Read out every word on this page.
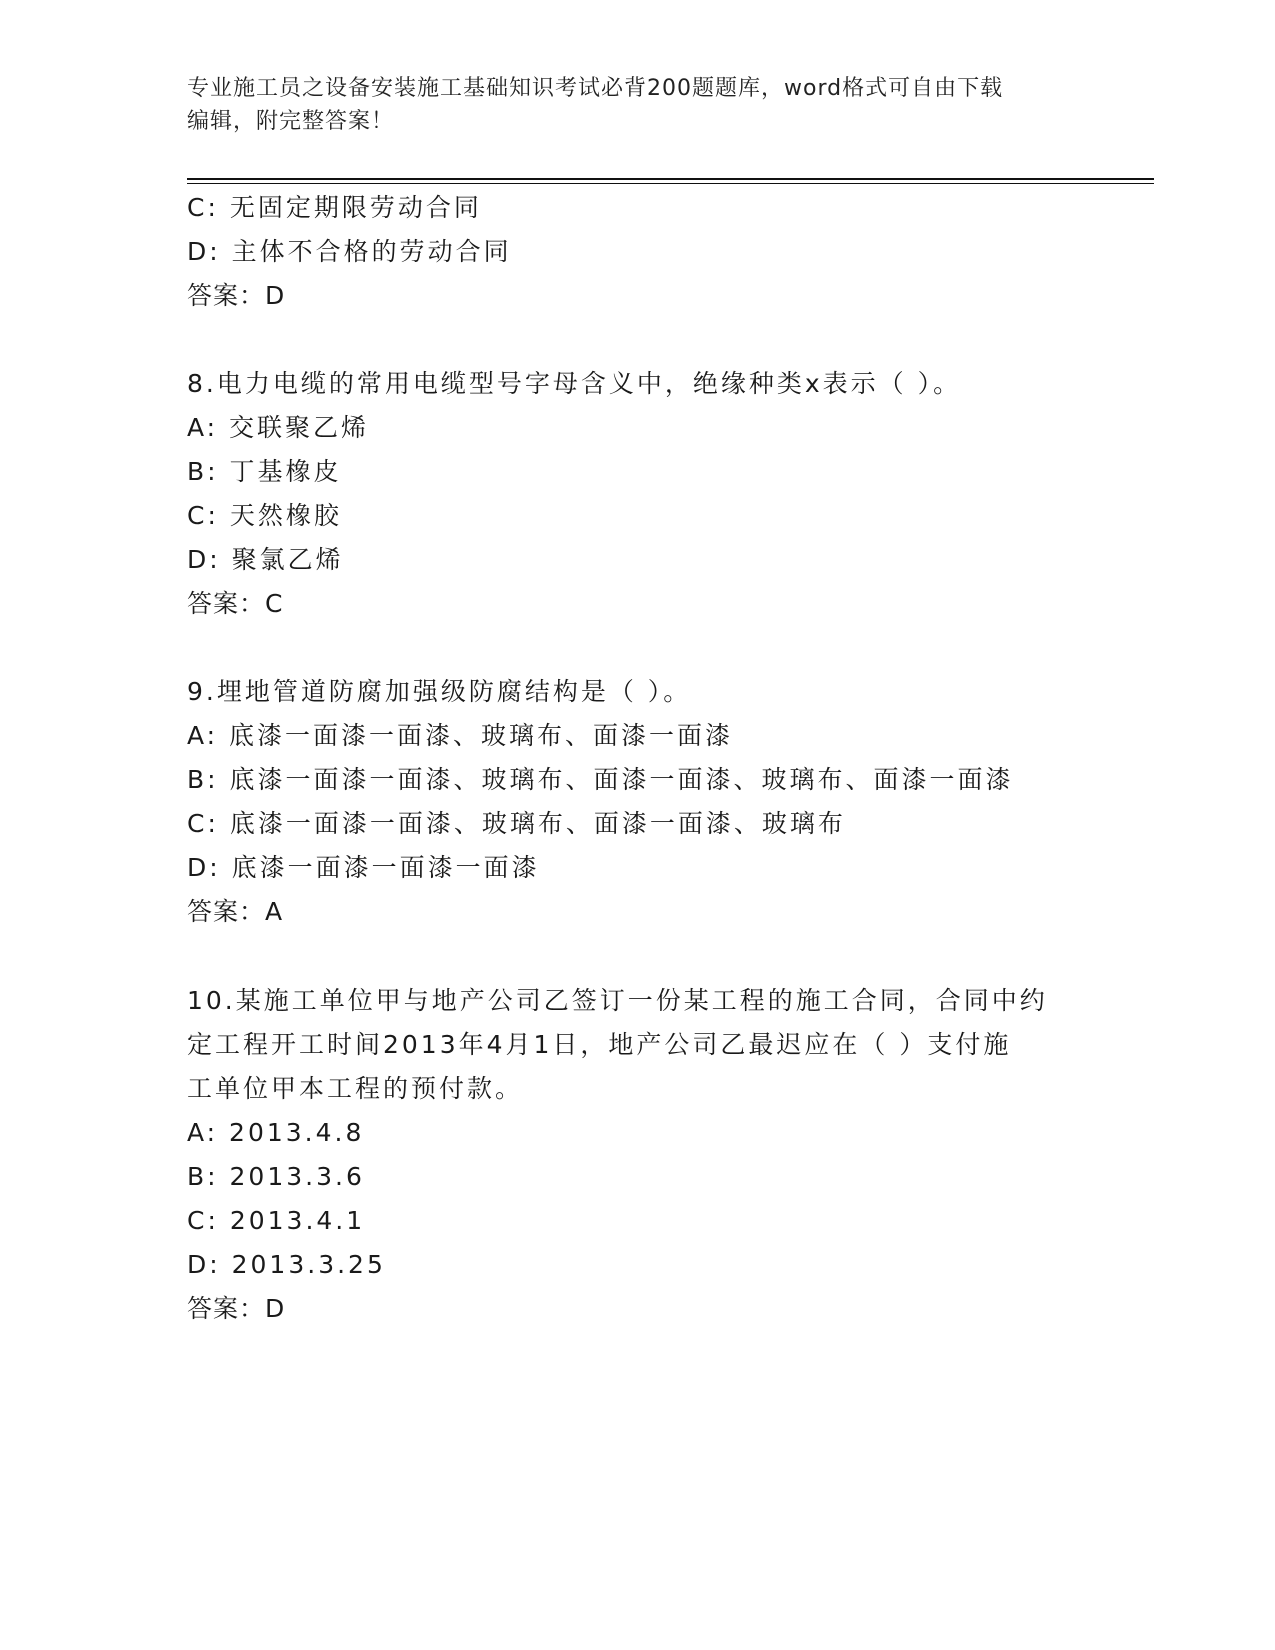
专业施工员之设备安装施工基础知识考试必背200题题库，word格式可自由下载
编辑，附完整答案！
C: 无固定期限劳动合同
D: 主体不合格的劳动合同
答案：D
8.电力电缆的常用电缆型号字母含义中，绝缘种类x表示（ ）。
A: 交联聚乙烯
B: 丁基橡皮
C: 天然橡胶
D: 聚氯乙烯
答案：C
9.埋地管道防腐加强级防腐结构是（ ）。
A: 底漆一面漆一面漆、玻璃布、面漆一面漆
B: 底漆一面漆一面漆、玻璃布、面漆一面漆、玻璃布、面漆一面漆
C: 底漆一面漆一面漆、玻璃布、面漆一面漆、玻璃布
D: 底漆一面漆一面漆一面漆
答案：A
10.某施工单位甲与地产公司乙签订一份某工程的施工合同，合同中约
定工程开工时间2013年4月1日，地产公司乙最迟应在（ ）支付施
工单位甲本工程的预付款。
A: 2013.4.8
B: 2013.3.6
C: 2013.4.1
D: 2013.3.25
答案：D
